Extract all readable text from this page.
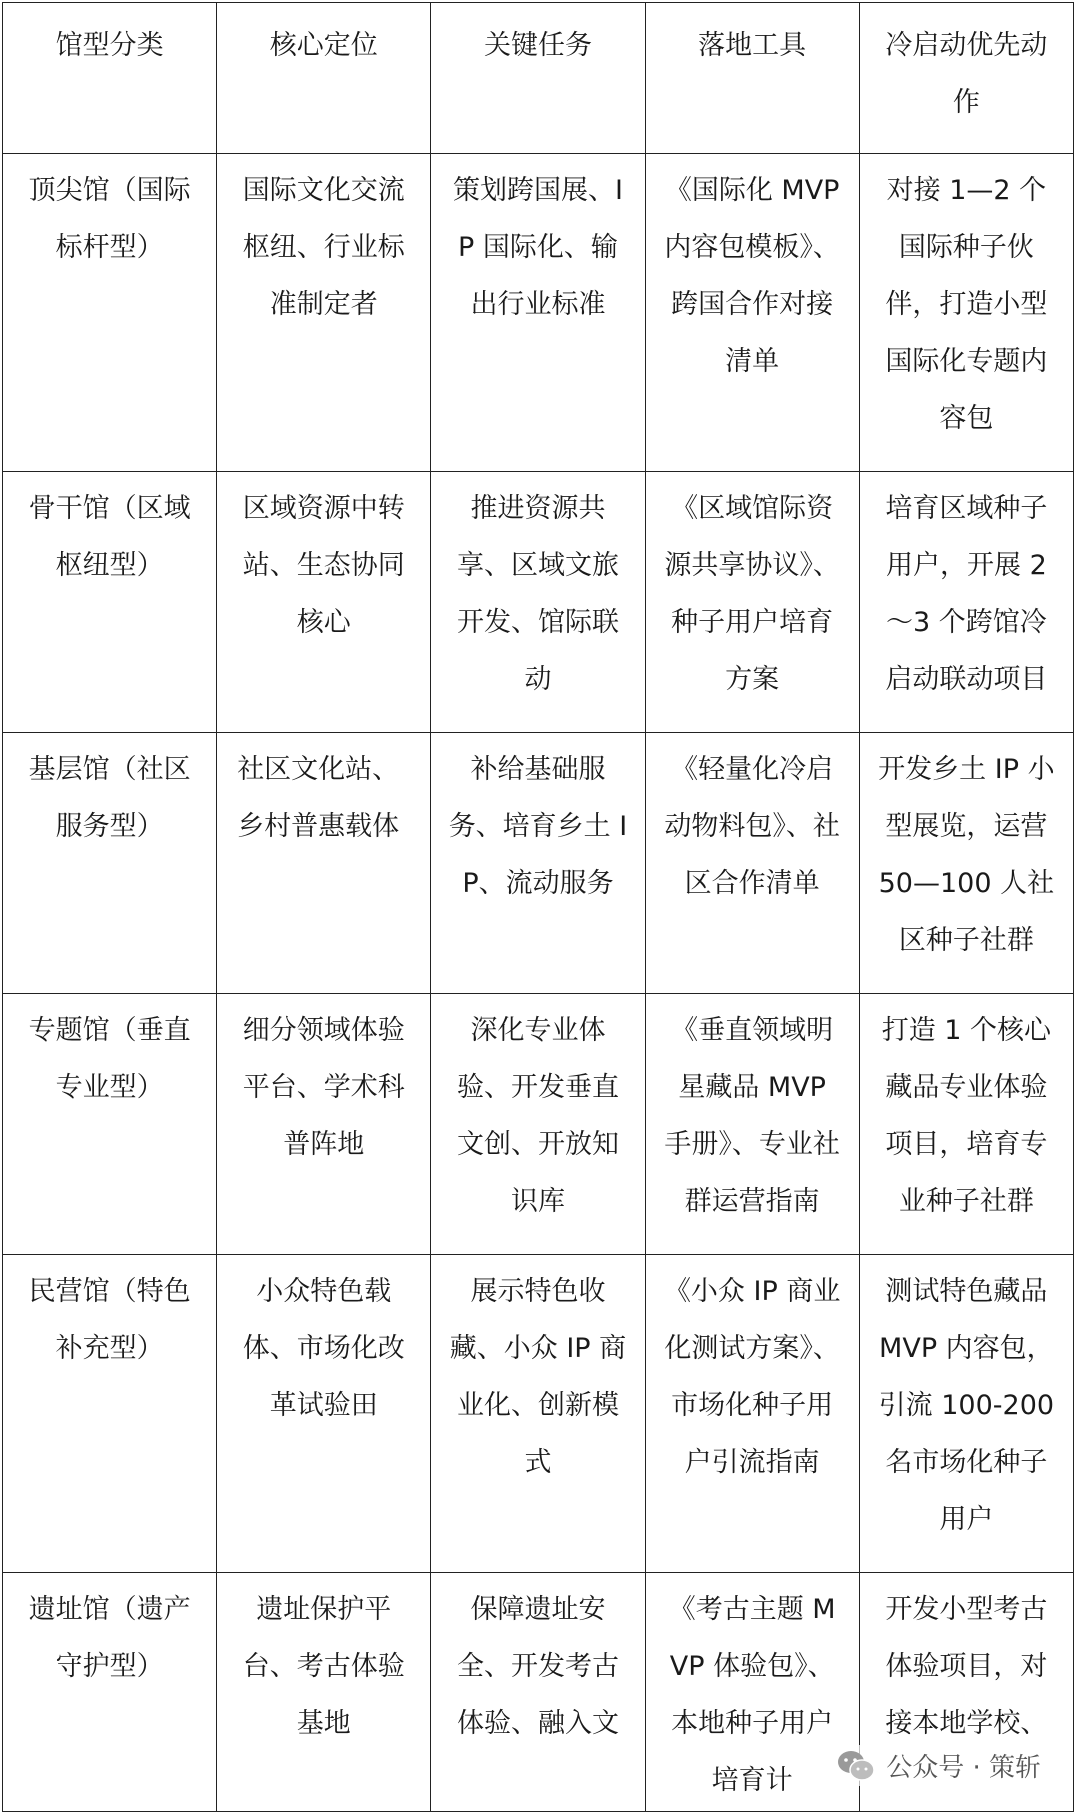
馆型分类	核心定位	关键任务	落地工具	冷启动优先动作
顶尖馆（国际标杆型）	国际文化交流枢纽、行业标准制定者	策划跨国展、IP 国际化、输出行业标准	《国际化 MVP 内容包模板》、跨国合作对接清单	对接 1—2 个国际种子伙伴，打造小型国际化专题内容包
骨干馆（区域枢纽型）	区域资源中转站、生态协同核心	推进资源共享、区域文旅开发、馆际联动	《区域馆际资源共享协议》、种子用户培育方案	培育区域种子用户，开展 2～3 个跨馆冷启动联动项目
基层馆（社区服务型）	社区文化站、乡村普惠载体	补给基础服务、培育乡土 IP、流动服务	《轻量化冷启动物料包》、社区合作清单	开发乡土 IP 小型展览，运营 50—100 人社区种子社群
专题馆（垂直专业型）	细分领域体验平台、学术科普阵地	深化专业体验、开发垂直文创、开放知识库	《垂直领域明星藏品 MVP 手册》、专业社群运营指南	打造 1 个核心藏品专业体验项目，培育专业种子社群
民营馆（特色补充型）	小众特色载体、市场化改革试验田	展示特色收藏、小众 IP 商业化、创新模式	《小众 IP 商业化测试方案》、市场化种子用户引流指南	测试特色藏品 MVP 内容包，引流 100-200 名市场化种子用户
遗址馆（遗产守护型）	遗址保护平台、考古体验基地	保障遗址安全、开发考古体验、融入文	《考古主题 MVP 体验包》、本地种子用户培育计	开发小型考古体验项目，对接本地学校、
公众号 · 策斩
